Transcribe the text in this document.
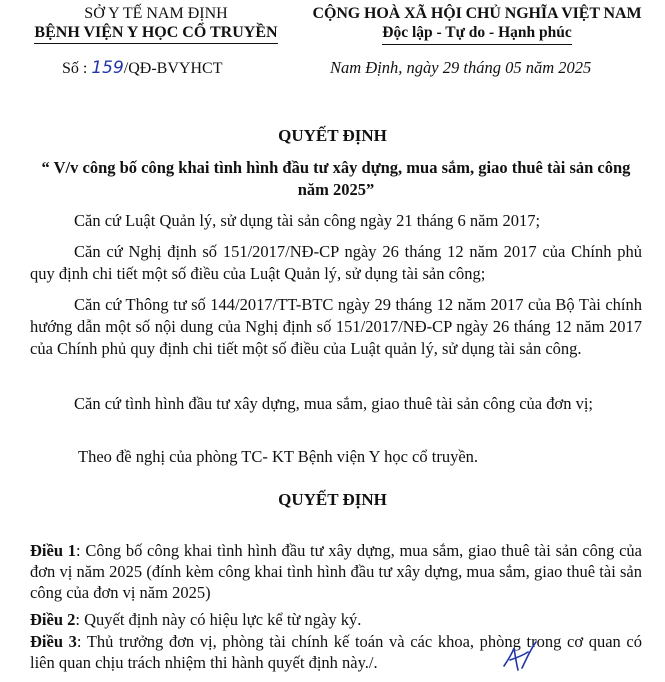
SỞ Y TẾ NAM ĐỊNH
BỆNH VIỆN Y HỌC CỔ TRUYỀN
CỘNG HOÀ XÃ HỘI CHỦ NGHĨA VIỆT NAM
Độc lập - Tự do - Hạnh phúc
Số : 159/QĐ-BVYHCT	Nam Định, ngày 29 tháng 05 năm 2025
QUYẾT ĐỊNH
“ V/v công bố công khai tình hình đầu tư xây dựng, mua sắm, giao thuê tài sản công năm 2025”
Căn cứ Luật Quản lý, sử dụng tài sản công ngày 21 tháng 6 năm 2017;
Căn cứ Nghị định số 151/2017/NĐ-CP ngày 26 tháng 12 năm 2017 của Chính phủ quy định chi tiết một số điều của Luật Quản lý, sử dụng tài sản công;
Căn cứ Thông tư số 144/2017/TT-BTC ngày 29 tháng 12 năm 2017 của Bộ Tài chính hướng dẫn một số nội dung của Nghị định số 151/2017/NĐ-CP ngày 26 tháng 12 năm 2017 của Chính phủ quy định chi tiết một số điều của Luật quản lý, sử dụng tài sản công.
Căn cứ tình hình đầu tư xây dựng, mua sắm, giao thuê tài sản công của đơn vị;
Theo đề nghị của phòng TC- KT Bệnh viện Y học cổ truyền.
QUYẾT ĐỊNH
Điều 1: Công bố công khai tình hình đầu tư xây dựng, mua sắm, giao thuê tài sản công của đơn vị năm 2025 (đính kèm công khai tình hình đầu tư xây dựng, mua sắm, giao thuê tài sản công của đơn vị năm 2025)
Điều 2: Quyết định này có hiệu lực kể từ ngày ký.
Điều 3: Thủ trưởng đơn vị, phòng tài chính kế toán và các khoa, phòng trong cơ quan có liên quan chịu trách nhiệm thi hành quyết định này./.
